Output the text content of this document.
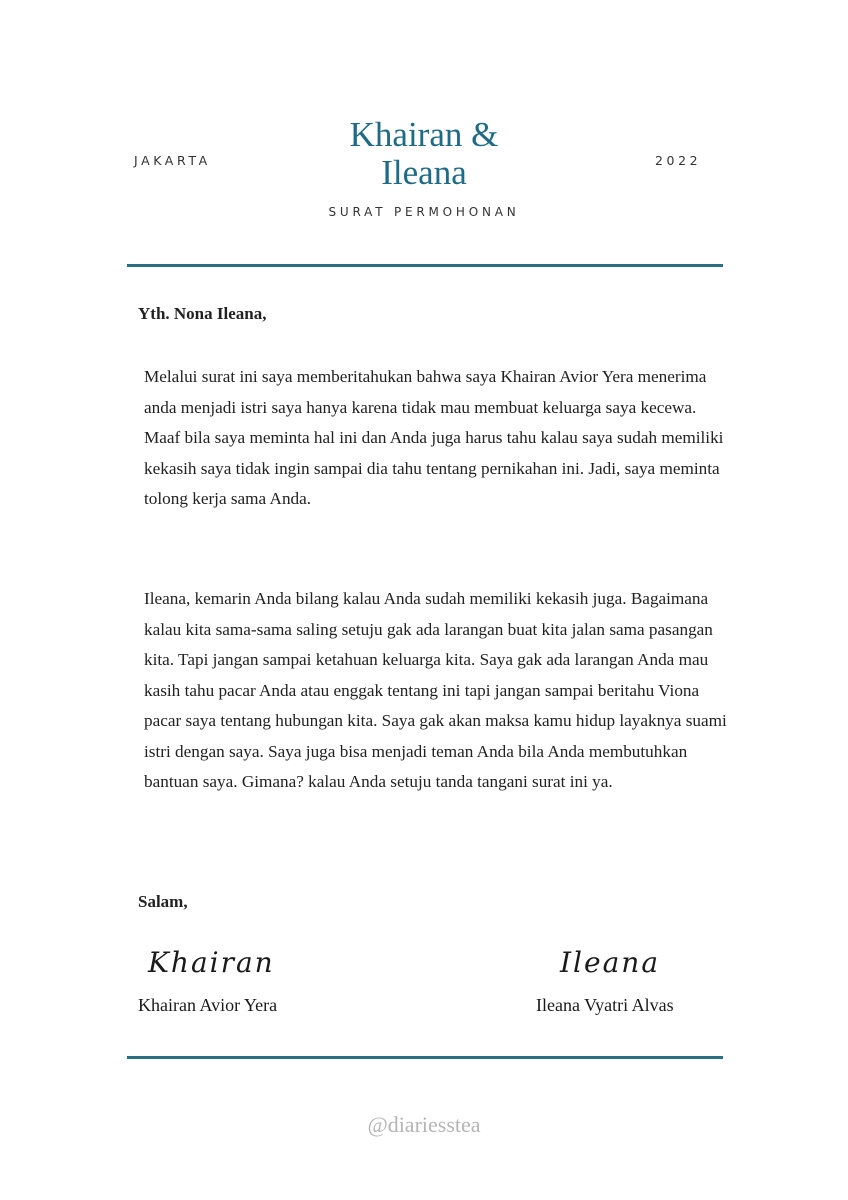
JAKARTA
Khairan &
Ileana	2022
SURAT PERMOHONAN
Yth. Nona Ileana,
Melalui surat ini saya memberitahukan bahwa saya Khairan Avior Yera menerima anda menjadi istri saya hanya karena tidak mau membuat keluarga saya kecewa. Maaf bila saya meminta hal ini dan Anda juga harus tahu kalau saya sudah memiliki kekasih saya tidak ingin sampai dia tahu tentang pernikahan ini. Jadi, saya meminta tolong kerja sama Anda.
Ileana, kemarin Anda bilang kalau Anda sudah memiliki kekasih juga. Bagaimana kalau kita sama-sama saling setuju gak ada larangan buat kita jalan sama pasangan kita. Tapi jangan sampai ketahuan keluarga kita. Saya gak ada larangan Anda mau kasih tahu pacar Anda atau enggak tentang ini tapi jangan sampai beritahu Viona pacar saya tentang hubungan kita. Saya gak akan maksa kamu hidup layaknya suami istri dengan saya. Saya juga bisa menjadi teman Anda bila Anda membutuhkan bantuan saya. Gimana? kalau Anda setuju tanda tangani surat ini ya.
Salam,
Khairan	Ileana
Khairan Avior Yera	Ileana Vyatri Alvas
@diariesstea
